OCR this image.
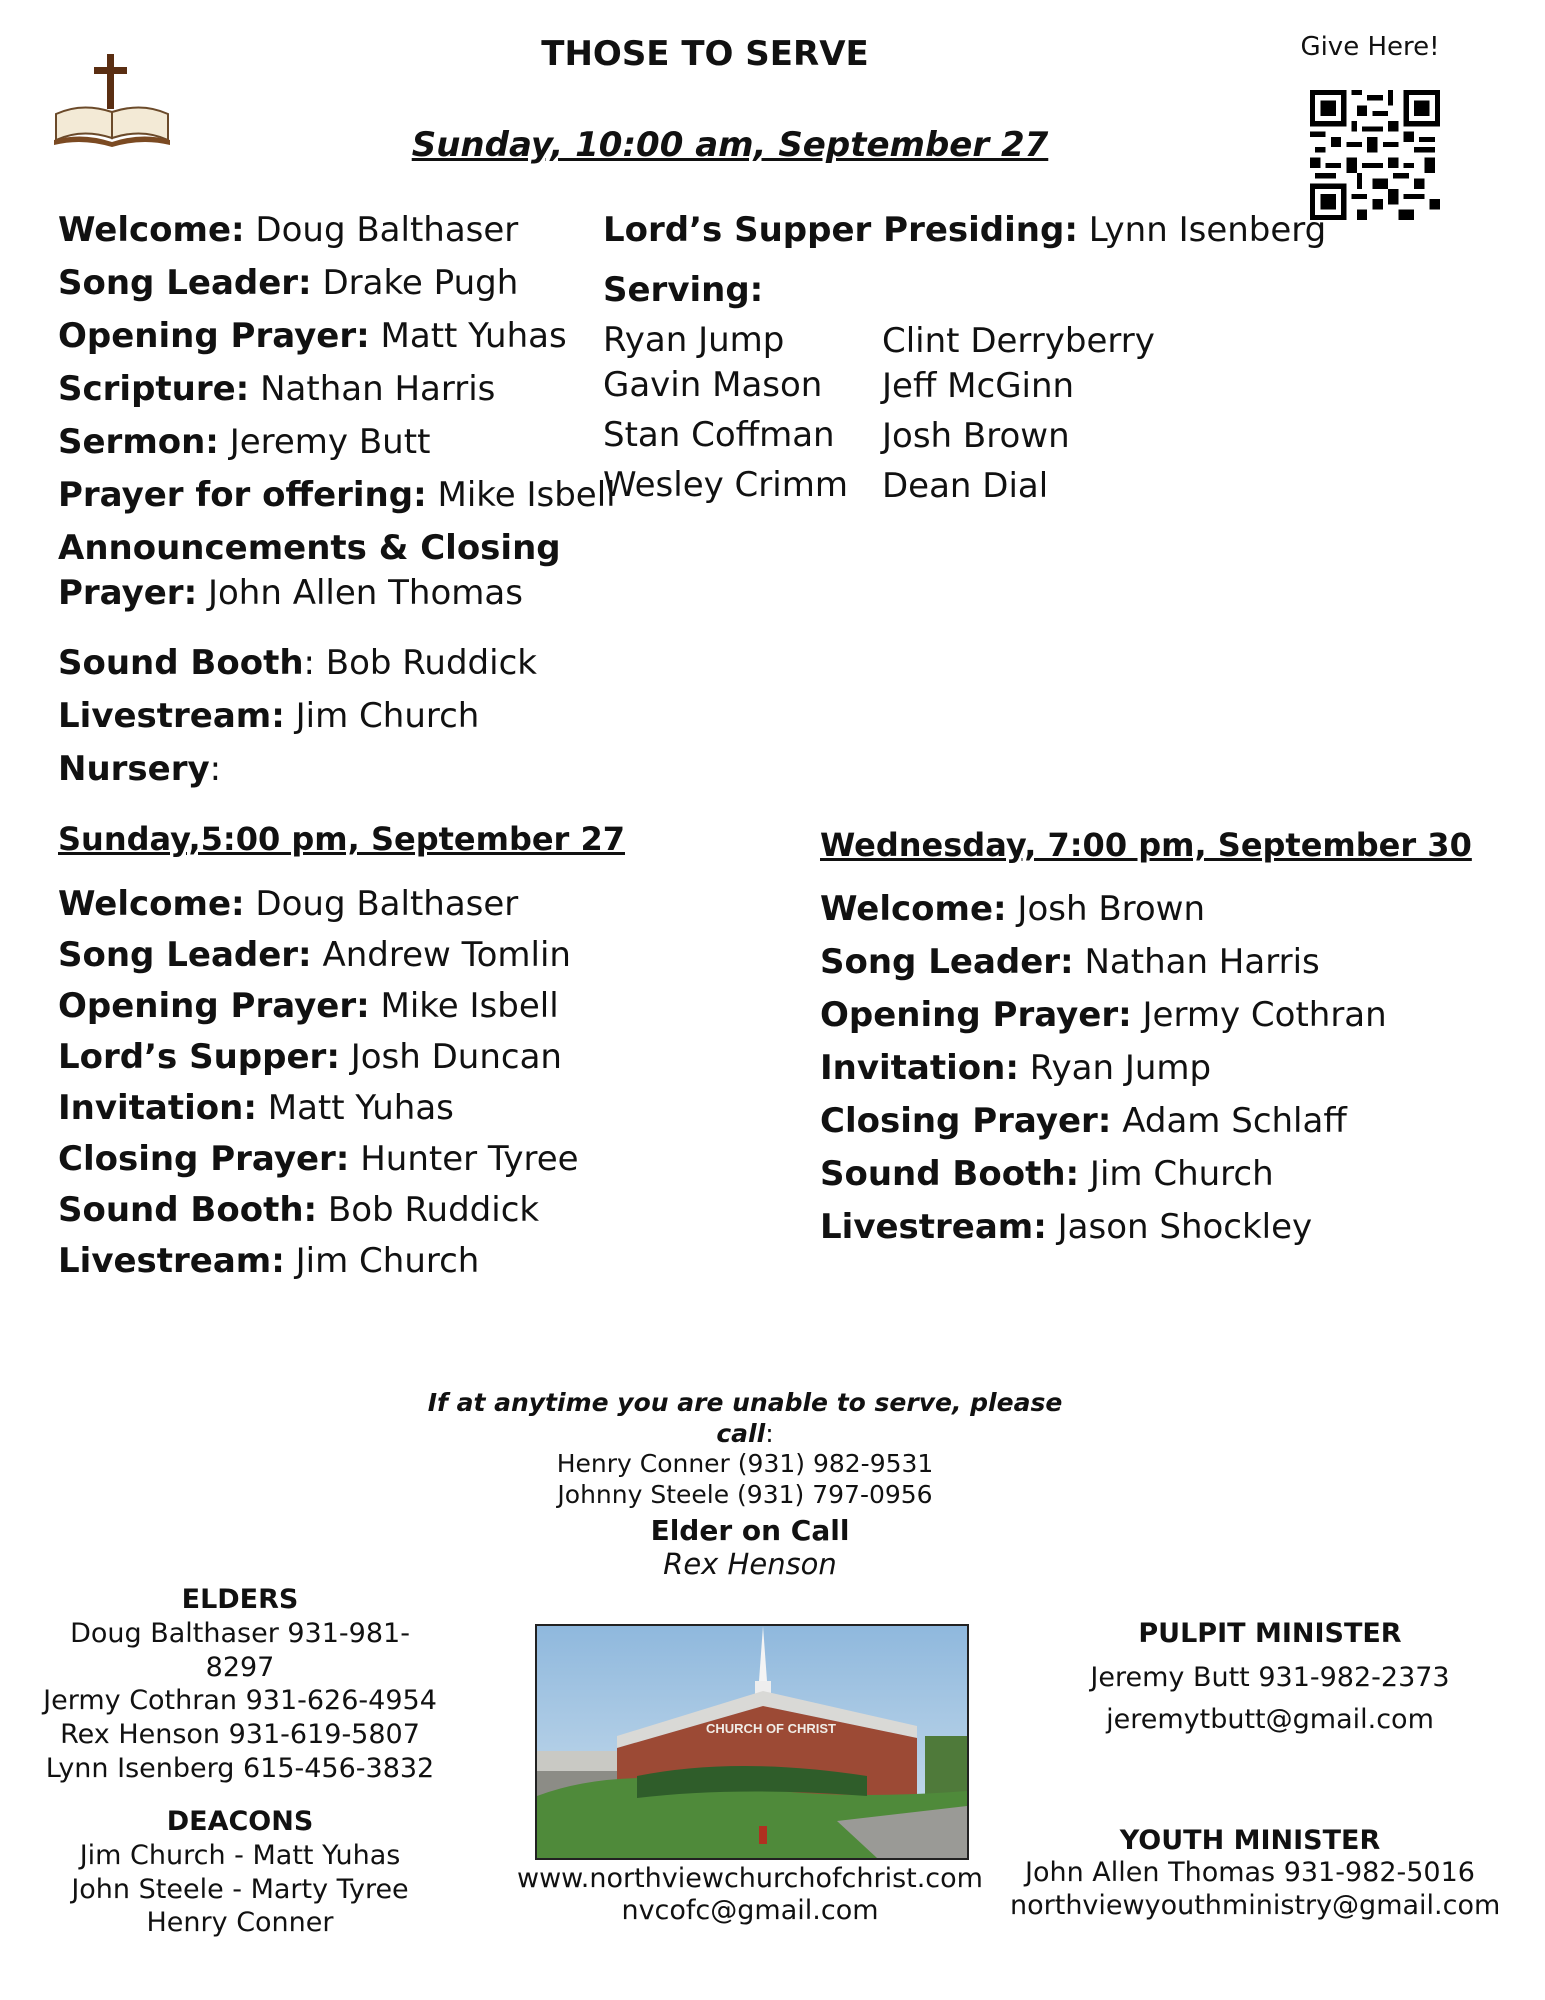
THOSE TO SERVE
Sunday, 10:00 am, September 27
Give Here!
Welcome: Doug Balthaser
Song Leader: Drake Pugh
Opening Prayer: Matt Yuhas
Scripture: Nathan Harris
Sermon: Jeremy Butt
Prayer for offering: Mike Isbell
Announcements & Closing
Prayer: John Allen Thomas
Sound Booth: Bob Ruddick
Livestream: Jim Church
Nursery:
Lord’s Supper Presiding: Lynn Isenberg
Serving:
Ryan Jump
Gavin Mason
Stan Coffman
Wesley Crimm
Clint Derryberry
Jeff McGinn
Josh Brown
Dean Dial
Sunday,5:00 pm, September 27
Welcome: Doug Balthaser
Song Leader: Andrew Tomlin
Opening Prayer: Mike Isbell
Lord’s Supper: Josh Duncan
Invitation: Matt Yuhas
Closing Prayer: Hunter Tyree
Sound Booth: Bob Ruddick
Livestream: Jim Church
Wednesday, 7:00 pm, September 30
Welcome: Josh Brown
Song Leader: Nathan Harris
Opening Prayer: Jermy Cothran
Invitation: Ryan Jump
Closing Prayer: Adam Schlaff
Sound Booth: Jim Church
Livestream: Jason Shockley
If at anytime you are unable to serve, please call:
Henry Conner (931) 982-9531
Johnny Steele (931) 797-0956
Elder on Call
Rex Henson
ELDERS
Doug Balthaser 931-981-8297
Jermy Cothran 931-626-4954
Rex Henson 931-619-5807
Lynn Isenberg 615-456-3832
DEACONS
Jim Church - Matt Yuhas
John Steele - Marty Tyree
Henry Conner
CHURCH OF CHRIST
www.northviewchurchofchrist.com
nvcofc@gmail.com
PULPIT MINISTER
Jeremy Butt 931-982-2373
jeremytbutt@gmail.com
YOUTH MINISTER
John Allen Thomas 931-982-5016
northviewyouthministry@gmail.com
